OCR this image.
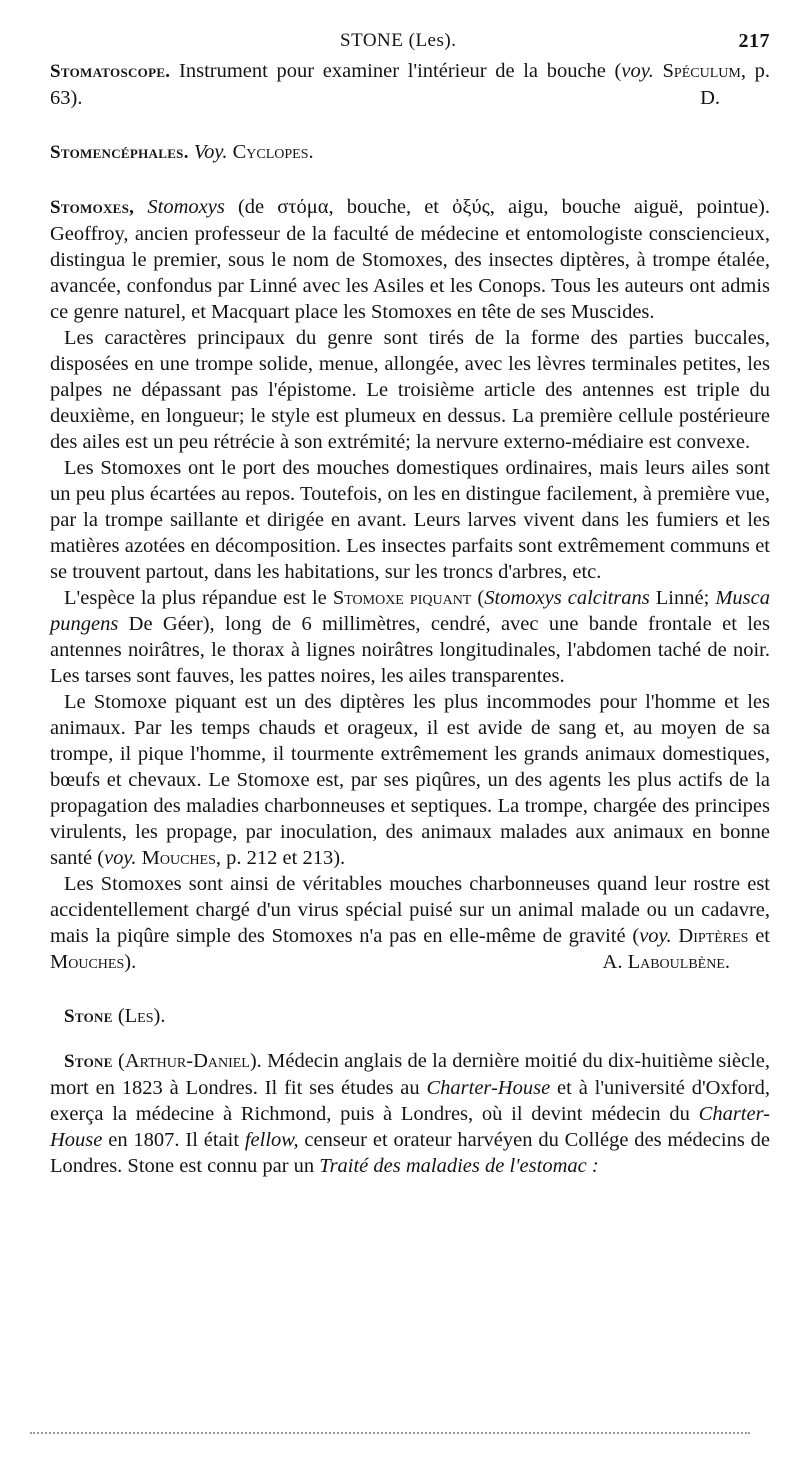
STONE (Les).	217

Stomatoscope. Instrument pour examiner l'intérieur de la bouche (voy. Spéculum, p. 63).	D.

Stomencéphales. Voy. Cyclopes.

Stomoxes, Stomoxys (de στόμα, bouche, et ὀξύς, aigu, bouche aiguë, pointue). Geoffroy, ancien professeur de la faculté de médecine et entomologiste consciencieux, distingua le premier, sous le nom de Stomoxes, des insectes diptères, à trompe étalée, avancée, confondus par Linné avec les Asiles et les Conops. Tous les auteurs ont admis ce genre naturel, et Macquart place les Stomoxes en tête de ses Muscides.

Les caractères principaux du genre sont tirés de la forme des parties buccales, disposées en une trompe solide, menue, allongée, avec les lèvres terminales petites, les palpes ne dépassant pas l'épistome. Le troisième article des antennes est triple du deuxième, en longueur; le style est plumeux en dessus. La première cellule postérieure des ailes est un peu rétrécie à son extrémité; la nervure externo-médiaire est convexe.

Les Stomoxes ont le port des mouches domestiques ordinaires, mais leurs ailes sont un peu plus écartées au repos. Toutefois, on les en distingue facilement, à première vue, par la trompe saillante et dirigée en avant. Leurs larves vivent dans les fumiers et les matières azotées en décomposition. Les insectes parfaits sont extrêmement communs et se trouvent partout, dans les habitations, sur les troncs d'arbres, etc.

L'espèce la plus répandue est le Stomoxe piquant (Stomoxys calcitrans Linné; Musca pungens De Géer), long de 6 millimètres, cendré, avec une bande frontale et les antennes noirâtres, le thorax à lignes noirâtres longitudinales, l'abdomen taché de noir. Les tarses sont fauves, les pattes noires, les ailes transparentes.

Le Stomoxe piquant est un des diptères les plus incommodes pour l'homme et les animaux. Par les temps chauds et orageux, il est avide de sang et, au moyen de sa trompe, il pique l'homme, il tourmente extrêmement les grands animaux domestiques, bœufs et chevaux. Le Stomoxe est, par ses piqûres, un des agents les plus actifs de la propagation des maladies charbonneuses et septiques. La trompe, chargée des principes virulents, les propage, par inoculation, des animaux malades aux animaux en bonne santé (voy. Mouches, p. 212 et 213).

Les Stomoxes sont ainsi de véritables mouches charbonneuses quand leur rostre est accidentellement chargé d'un virus spécial puisé sur un animal malade ou un cadavre, mais la piqûre simple des Stomoxes n'a pas en elle-même de gravité (voy. Diptères et Mouches).	A. Laboulbène.

Stone (Les).

Stone (Arthur-Daniel). Médecin anglais de la dernière moitié du dix-huitième siècle, mort en 1823 à Londres. Il fit ses études au Charter-House et à l'université d'Oxford, exerça la médecine à Richmond, puis à Londres, où il devint médecin du Charter-House en 1807. Il était fellow, censeur et orateur harvéyen du Collége des médecins de Londres. Stone est connu par un Traité des maladies de l'estomac :
